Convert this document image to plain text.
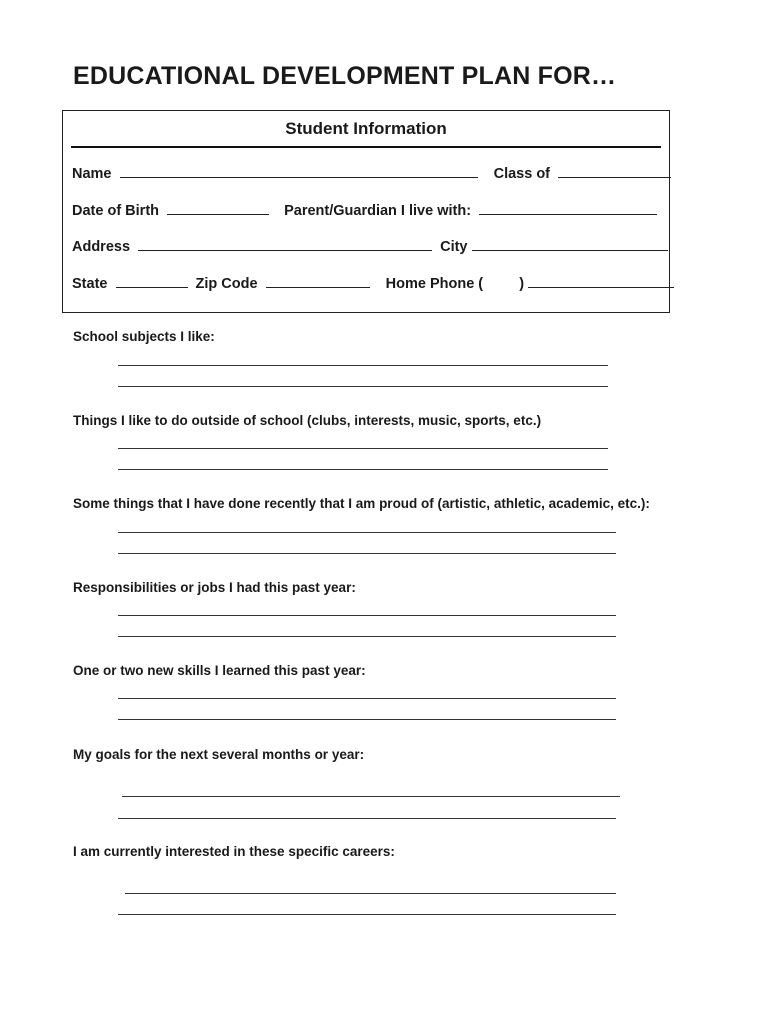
EDUCATIONAL DEVELOPMENT PLAN FOR…
Student Information
Name	Class of
Date of Birth	Parent/Guardian I live with:
Address	City
State	Zip Code	Home Phone ( )
School subjects I like:
Things I like to do outside of school (clubs, interests, music, sports, etc.)
Some things that I have done recently that I am proud of (artistic, athletic, academic, etc.):
Responsibilities or jobs I had this past year:
One or two new skills I learned this past year:
My goals for the next several months or year:
I am currently interested in these specific careers:
